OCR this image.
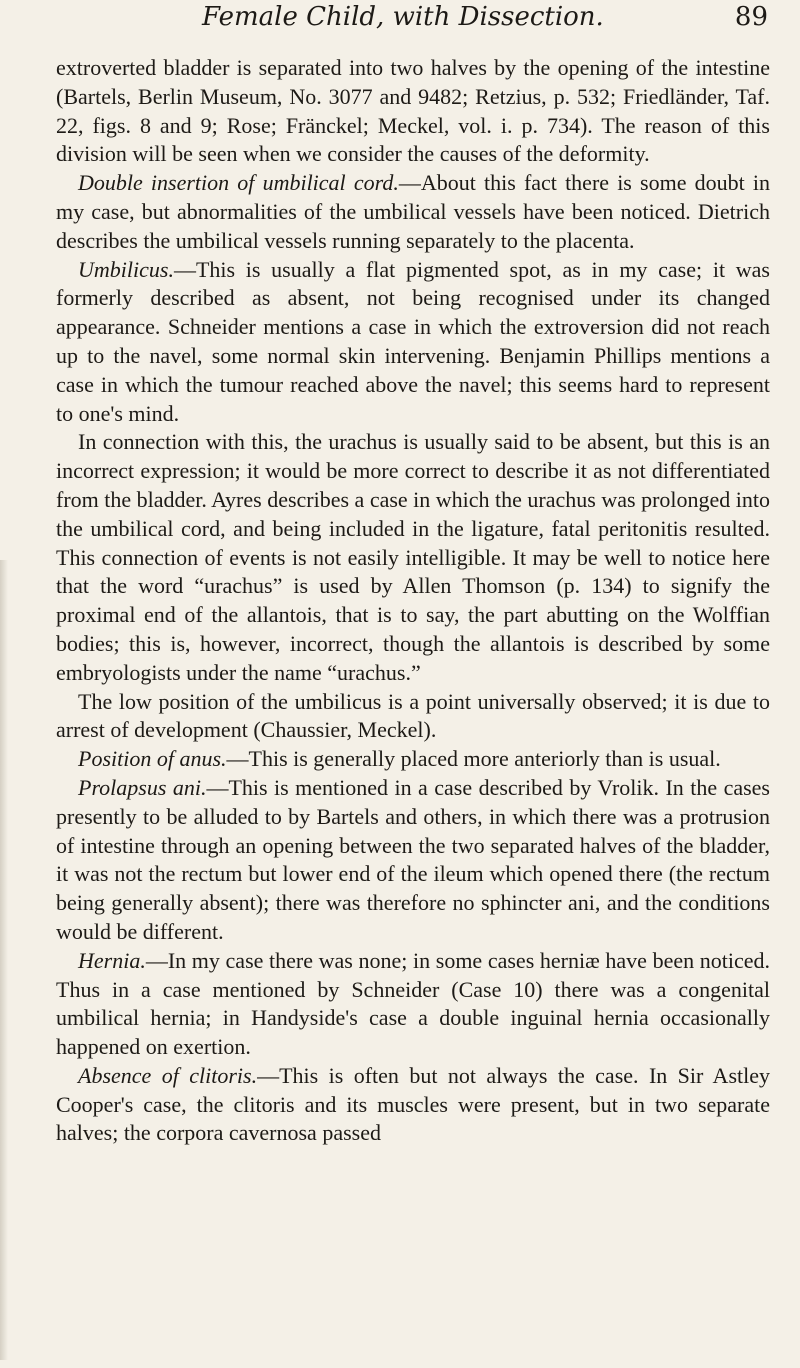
Female Child, with Dissection.	89

extroverted bladder is separated into two halves by the opening of the intestine (Bartels, Berlin Museum, No. 3077 and 9482; Retzius, p. 532; Friedländer, Taf. 22, figs. 8 and 9; Rose; Fränckel; Meckel, vol. i. p. 734). The reason of this division will be seen when we consider the causes of the deformity.

Double insertion of umbilical cord.—About this fact there is some doubt in my case, but abnormalities of the umbilical vessels have been noticed. Dietrich describes the umbilical vessels running separately to the placenta.

Umbilicus.—This is usually a flat pigmented spot, as in my case; it was formerly described as absent, not being recognised under its changed appearance. Schneider mentions a case in which the extroversion did not reach up to the navel, some normal skin intervening. Benjamin Phillips mentions a case in which the tumour reached above the navel; this seems hard to represent to one's mind.

In connection with this, the urachus is usually said to be absent, but this is an incorrect expression; it would be more correct to describe it as not differentiated from the bladder. Ayres describes a case in which the urachus was prolonged into the umbilical cord, and being included in the ligature, fatal peritonitis resulted. This connection of events is not easily intelligible. It may be well to notice here that the word “urachus” is used by Allen Thomson (p. 134) to signify the proximal end of the allantois, that is to say, the part abutting on the Wolffian bodies; this is, however, incorrect, though the allantois is described by some embryologists under the name “urachus.”

The low position of the umbilicus is a point universally observed; it is due to arrest of development (Chaussier, Meckel).

Position of anus.—This is generally placed more anteriorly than is usual.

Prolapsus ani.—This is mentioned in a case described by Vrolik. In the cases presently to be alluded to by Bartels and others, in which there was a protrusion of intestine through an opening between the two separated halves of the bladder, it was not the rectum but lower end of the ileum which opened there (the rectum being generally absent); there was therefore no sphincter ani, and the conditions would be different.

Hernia.—In my case there was none; in some cases herniæ have been noticed. Thus in a case mentioned by Schneider (Case 10) there was a congenital umbilical hernia; in Handyside's case a double inguinal hernia occasionally happened on exertion.

Absence of clitoris.—This is often but not always the case. In Sir Astley Cooper's case, the clitoris and its muscles were present, but in two separate halves; the corpora cavernosa passed
